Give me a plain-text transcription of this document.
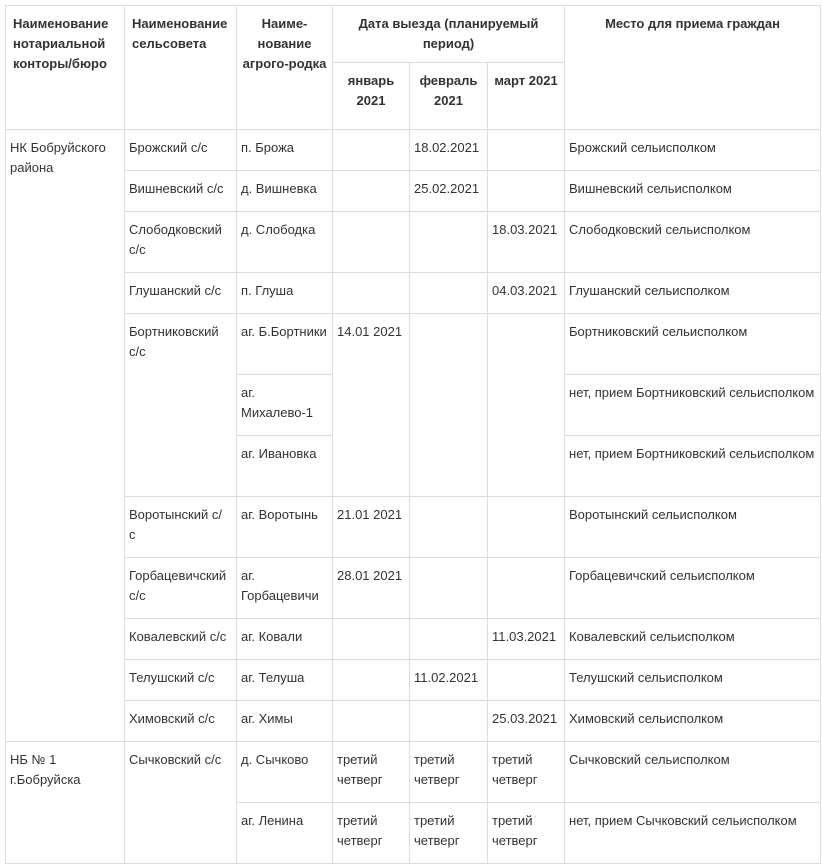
Наименование нотариальной конторы/бюро	Наименование сельсовета	Наиме-нование агрого-родка	Дата выезда (планируемый период)			Место для приема граждан
			январь 2021	февраль 2021	март 2021	
НК Бобруйского района	Брожский с/с	п. Брожа		18.02.2021		Брожский сельисполком
	Вишневский с/с	д. Вишневка		25.02.2021		Вишневский сельисполком
	Слободковский с/с	д. Слободка			18.03.2021	Слободковский сельисполком
	Глушанский с/с	п. Глуша			04.03.2021	Глушанский сельисполком
	Бортниковский с/с	аг. Б.Бортники	14.01 2021			Бортниковский сельисполком
		аг. Михалево-1				нет, прием Бортниковский сельисполком
		аг. Ивановка				нет, прием Бортниковский сельисполком
	Воротынский с/ с	аг. Воротынь	21.01 2021			Воротынский сельисполком
	Горбацевичский с/с	аг. Горбацевичи	28.01 2021			Горбацевичский сельисполком
	Ковалевский с/с	аг. Ковали			11.03.2021	Ковалевский сельисполком
	Телушский с/с	аг. Телуша		11.02.2021		Телушский сельисполком
	Химовский с/с	аг. Химы			25.03.2021	Химовский сельисполком
НБ № 1 г.Бобруйска	Сычковский с/с	д. Сычково	третий четверг	третий четверг	третий четверг	Сычковский сельисполком
		аг. Ленина	третий четверг	третий четверг	третий четверг	нет, прием Сычковский сельисполком
